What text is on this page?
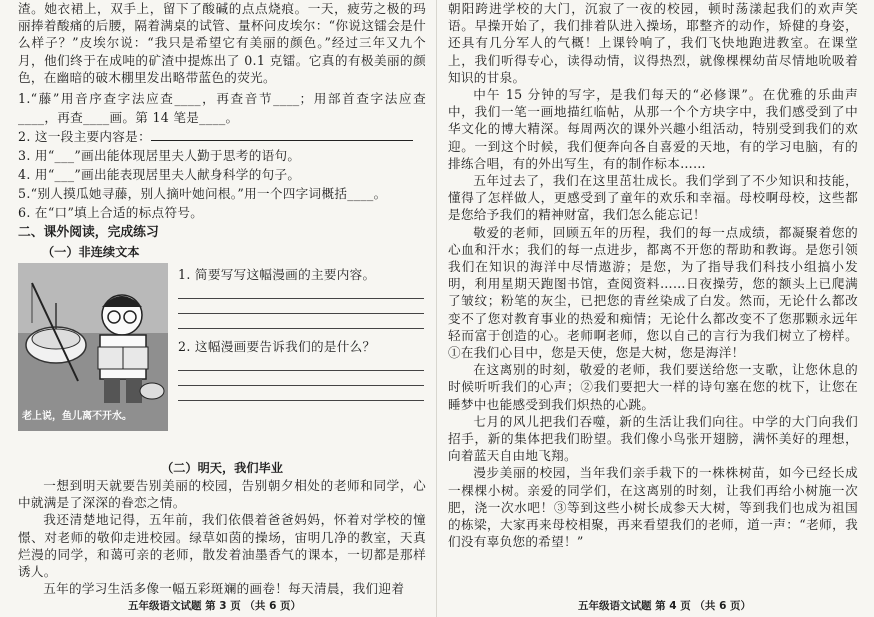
渣。她衣裙上，双手上，留下了酸碱的点点烧痕。一天，疲劳之极的玛丽捧着酸痛的后腰，隔着满桌的试管、量杯问皮埃尔：“你说这镭会是什么样子？”皮埃尔说：“我只是希望它有美丽的颜色。”经过三年又九个月，他们终于在成吨的矿渣中提炼出了 0.1 克镭。它真的有极美丽的颜色，在幽暗的破木棚里发出略带蓝色的荧光。

1.“藤”用音序查字法应查____，再查音节____；用部首查字法应查____，再查____画。第 14 笔是____。

2. 这一段主要内容是：

3. 用“___”画出能体现居里夫人勤于思考的语句。

4. 用“___”画出能表现居里夫人献身科学的句子。

5.“别人摸瓜她寻藤，别人摘叶她问根。”用一个四字词概括____。

6. 在“口”填上合适的标点符号。

二、课外阅读，完成练习
（一）非连续文本
老上说，鱼儿离不开水。

1. 简要写写这幅漫画的主要内容。

2. 这幅漫画要告诉我们的是什么？

（二）明天，我们毕业

一想到明天就要告别美丽的校园，告别朝夕相处的老师和同学，心中就满是了深深的眷恋之情。

我还清楚地记得，五年前，我们依偎着爸爸妈妈，怀着对学校的憧憬、对老师的敬仰走进校园。绿草如茵的操场，宙明几净的教室，天真烂漫的同学，和蔼可亲的老师，散发着油墨香气的课本，一切都是那样诱人。

五年的学习生活多像一幅五彩斑斓的画卷！每天清晨，我们迎着

五年级语文试题 第 3 页 （共 6 页）

朝阳跨进学校的大门，沉寂了一夜的校园，顿时荡漾起我们的欢声笑语。早操开始了，我们排着队进入操场，耶整齐的动作，矫健的身姿，还具有几分军人的气概！上课铃响了，我们飞快地跑进教室。在课堂上，我们听得专心，读得动情，议得热烈，就像棵棵幼苗尽情地吮吸着知识的甘泉。

中午 15 分钟的写字，是我们每天的“必修课”。在优雅的乐曲声中，我们一笔一画地描红临帖，从那一个个方块字中，我们感受到了中华文化的博大精深。每周两次的课外兴趣小组活动，特别受到我们的欢迎。一到这个时候，我们便奔向各自喜爱的天地，有的学习电脑，有的排练合唱，有的外出写生，有的制作标本……

五年过去了，我们在这里茁壮成长。我们学到了不少知识和技能，懂得了怎样做人，更感受到了童年的欢乐和幸福。母校啊母校，这些都是您给予我们的精神财富，我们怎么能忘记！

敬爱的老师，回顾五年的历程，我们的每一点成绩，都凝聚着您的心血和汗水；我们的每一点进步，都离不开您的帮助和教诲。是您引领我们在知识的海洋中尽情遨游；是您，为了指导我们科技小组搞小发明，利用星期天跑图书馆，查阅资料……日夜操劳，您的额头上已爬满了皱纹；粉笔的灰尘，已把您的青丝染成了白发。然而，无论什么都改变不了您对教育事业的热爱和痴情；无论什么都改变不了您那颗永远年轻而富于创造的心。老师啊老师，您以自己的言行为我们树立了榜样。①在我们心目中，您是天使，您是大树，您是海洋！

在这离别的时刻，敬爱的老师，我们要送给您一支歌，让您休息的时候听听我们的心声；②我们要把大一样的诗句塞在您的枕下，让您在睡梦中也能感受到我们炽热的心跳。

七月的风儿把我们吞噬，新的生活让我们向往。中学的大门向我们招手，新的集体把我们盼望。我们像小鸟张开翅膀，满怀美好的理想，向着蓝天自由地飞翔。

漫步美丽的校园，当年我们亲手栽下的一株株树苗，如今已经长成一棵棵小树。亲爱的同学们，在这离别的时刻，让我们再给小树施一次肥，浇一次水吧！③等到这些小树长成参天大树，等到我们也成为祖国的栋梁，大家再来母校相聚，再来看望我们的老师，道一声：“老师，我们没有辜负您的希望！”

五年级语文试题 第 4 页 （共 6 页）
